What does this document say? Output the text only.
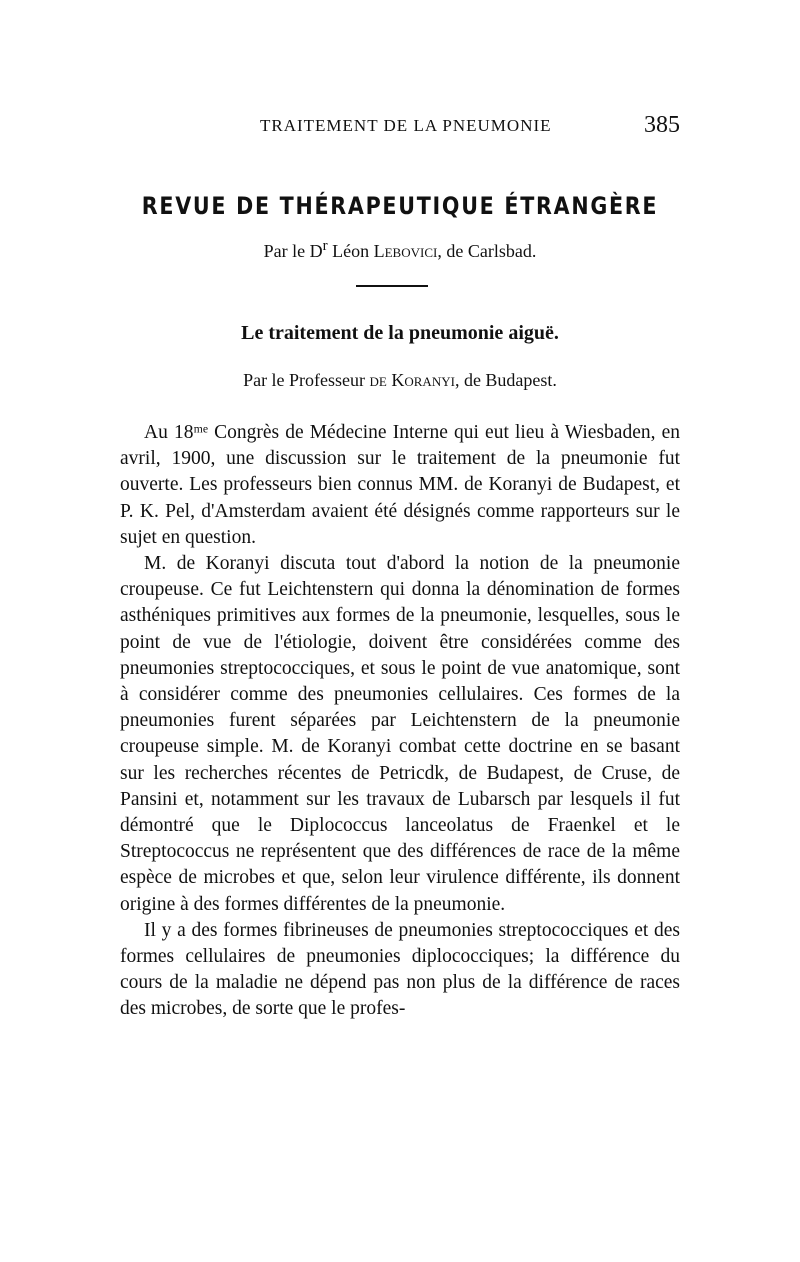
TRAITEMENT DE LA PNEUMONIE	385
REVUE DE THÉRAPEUTIQUE ÉTRANGÈRE
Par le $D^r$ Léon Lebovici, de Carlsbad.
Le traitement de la pneumonie aiguë.
Par le Professeur de Koranyi, de Budapest.

Au 18ᵐᵉ Congrès de Médecine Interne qui eut lieu à Wiesbaden, en avril, 1900, une discussion sur le traitement de la pneumonie fut ouverte. Les professeurs bien connus MM. de Koranyi de Budapest, et P. K. Pel, d'Amsterdam avaient été désignés comme rapporteurs sur le sujet en question.

M. de Koranyi discuta tout d'abord la notion de la pneumonie croupeuse. Ce fut Leichtenstern qui donna la dénomination de formes asthéniques primitives aux formes de la pneumonie, lesquelles, sous le point de vue de l'étiologie, doivent être considérées comme des pneumonies streptococciques, et sous le point de vue anatomique, sont à considérer comme des pneumonies cellulaires. Ces formes de la pneumonies furent séparées par Leichtenstern de la pneumonie croupeuse simple. M. de Koranyi combat cette doctrine en se basant sur les recherches récentes de Petricdk, de Budapest, de Cruse, de Pansini et, notamment sur les travaux de Lubarsch par lesquels il fut démontré que le Diplococcus lanceolatus de Fraenkel et le Streptococcus ne représentent que des différences de race de la même espèce de microbes et que, selon leur virulence différente, ils donnent origine à des formes différentes de la pneumonie.

Il y a des formes fibrineuses de pneumonies streptococciques et des formes cellulaires de pneumonies diplococciques; la différence du cours de la maladie ne dépend pas non plus de la différence de races des microbes, de sorte que le profes-
